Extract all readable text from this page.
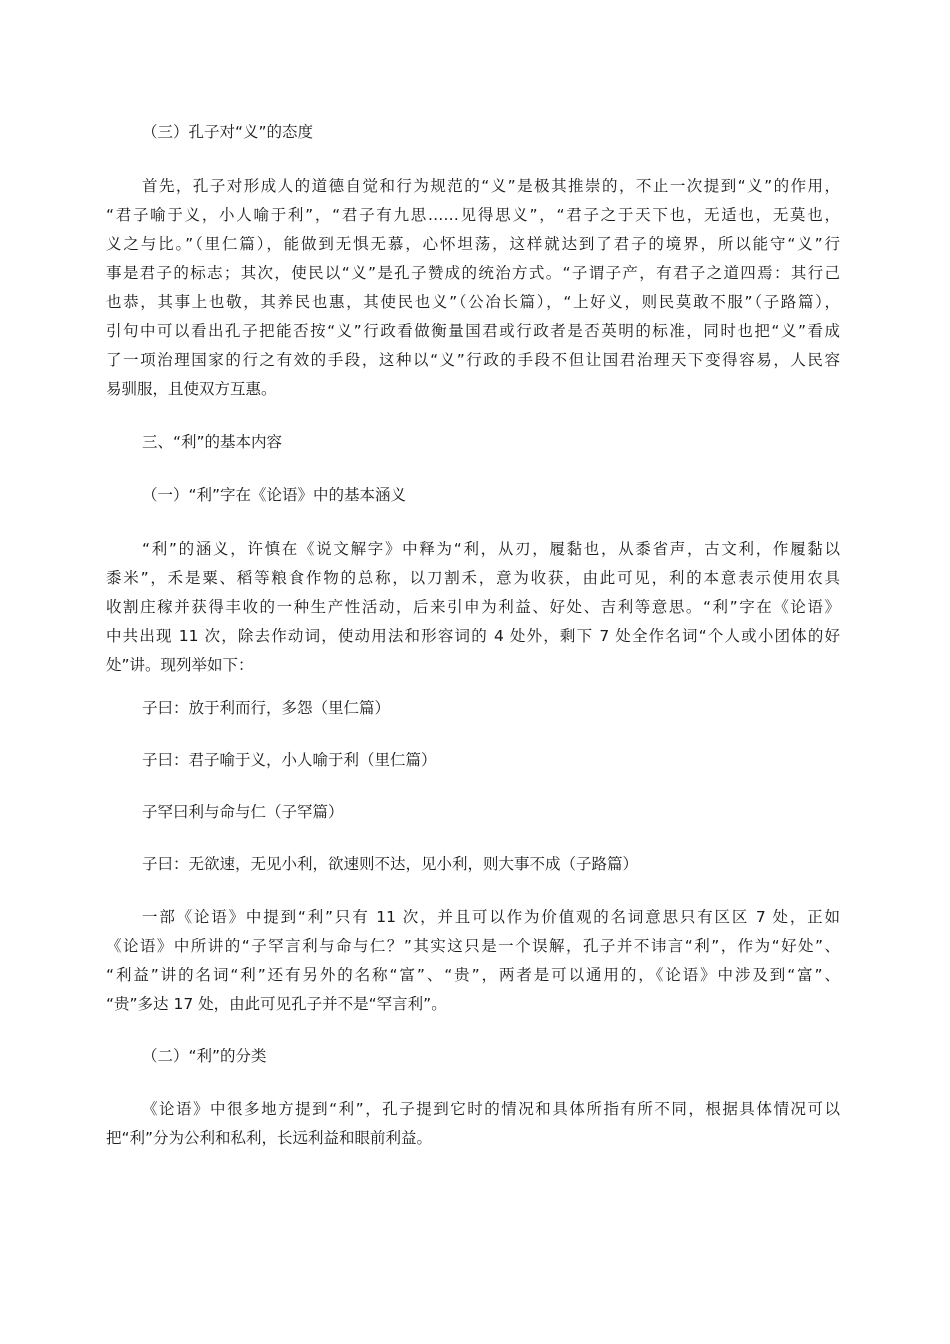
（三）孔子对“义”的态度
首先，孔子对形成人的道德自觉和行为规范的“义”是极其推崇的，不止一次提到“义”的作用，
“君子喻于义，小人喻于利”，“君子有九思……见得思义”，“君子之于天下也，无适也，无莫也，
义之与比。”（里仁篇），能做到无惧无慕，心怀坦荡，这样就达到了君子的境界，所以能守“义”行
事是君子的标志；其次，使民以“义”是孔子赞成的统治方式。“子谓子产，有君子之道四焉：其行己
也恭，其事上也敬，其养民也惠，其使民也义”（公冶长篇），“上好义，则民莫敢不服”（子路篇），
引句中可以看出孔子把能否按“义”行政看做衡量国君或行政者是否英明的标准，同时也把“义”看成
了一项治理国家的行之有效的手段，这种以“义”行政的手段不但让国君治理天下变得容易，人民容
易驯服，且使双方互惠。
三、“利”的基本内容
（一）“利”字在《论语》中的基本涵义
“利”的涵义，许慎在《说文解字》中释为“利，从刃，履黏也，从黍省声，古文利，作履黏以
黍米”，禾是粟、稻等粮食作物的总称，以刀割禾，意为收获，由此可见，利的本意表示使用农具
收割庄稼并获得丰收的一种生产性活动，后来引申为利益、好处、吉利等意思。“利”字在《论语》
中共出现 11 次，除去作动词，使动用法和形容词的 4 处外，剩下 7 处全作名词“个人或小团体的好
处”讲。现列举如下：
子曰：放于利而行，多怨（里仁篇）
子曰：君子喻于义，小人喻于利（里仁篇）
子罕曰利与命与仁（子罕篇）
子曰：无欲速，无见小利，欲速则不达，见小利，则大事不成（子路篇）
一部《论语》中提到“利”只有 11 次，并且可以作为价值观的名词意思只有区区 7 处，正如
《论语》中所讲的“子罕言利与命与仁？”其实这只是一个误解，孔子并不讳言“利”，作为“好处”、
“利益”讲的名词“利”还有另外的名称“富”、“贵”，两者是可以通用的，《论语》中涉及到“富”、
“贵”多达 17 处，由此可见孔子并不是“罕言利”。
（二）“利”的分类
《论语》中很多地方提到“利”，孔子提到它时的情况和具体所指有所不同，根据具体情况可以
把“利”分为公利和私利，长远利益和眼前利益。
